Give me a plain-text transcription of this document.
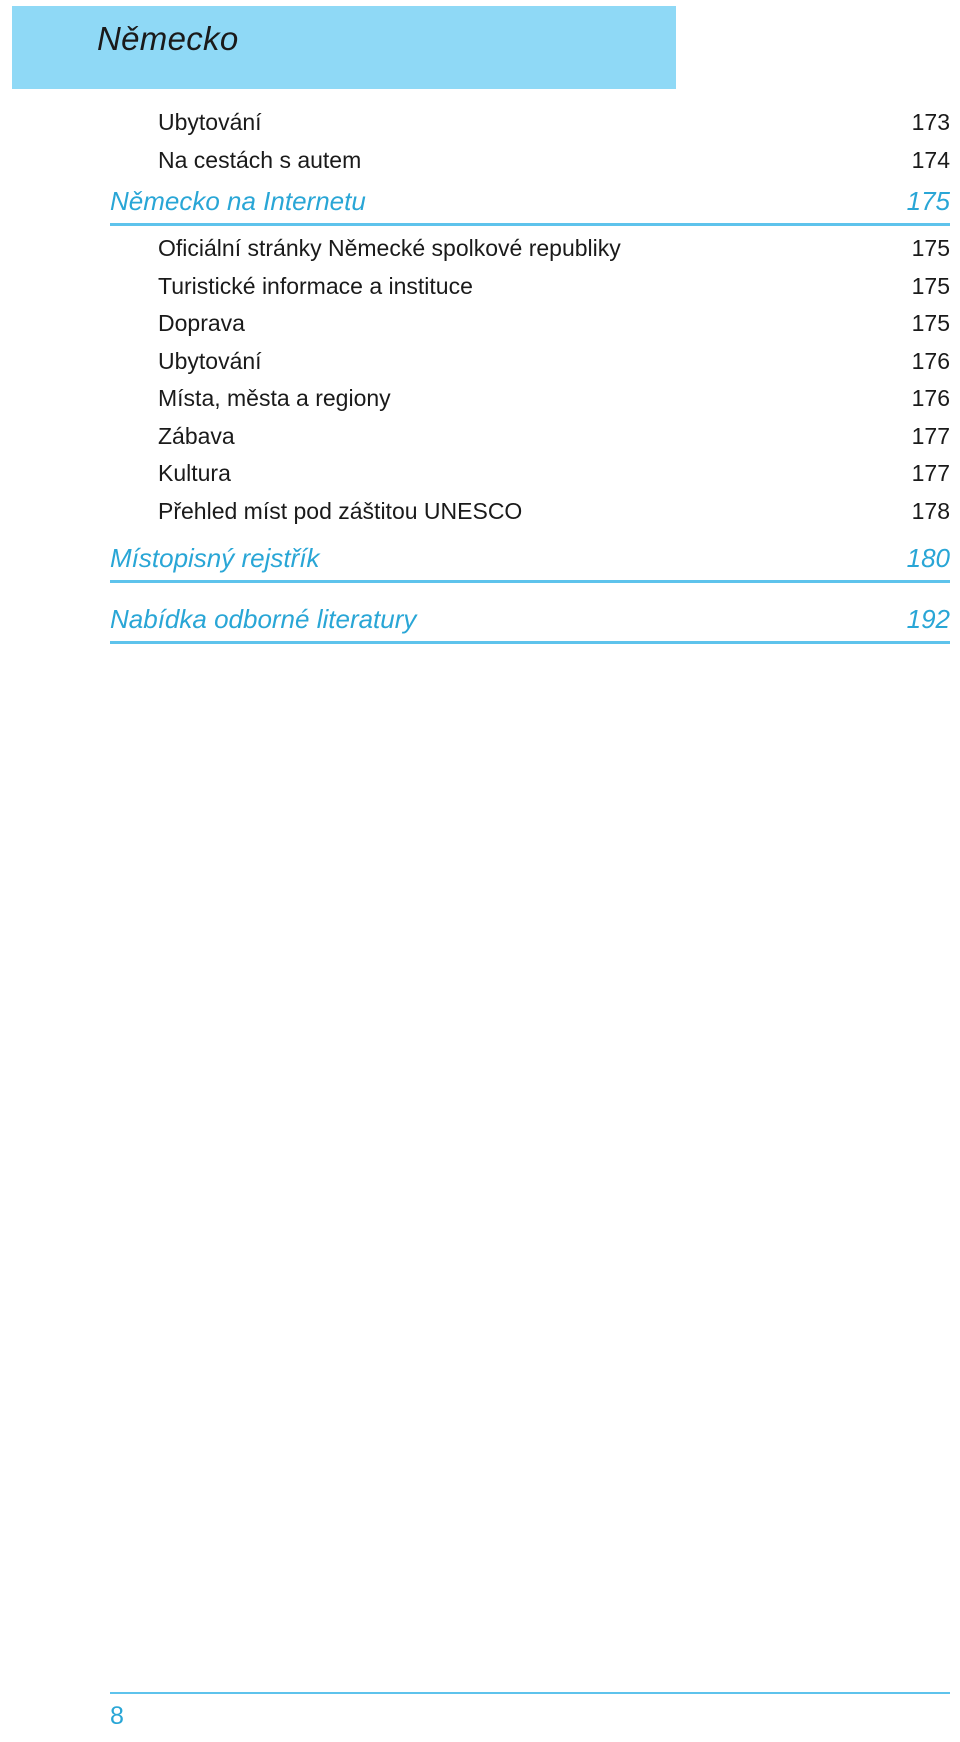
Německo
Ubytování	173
Na cestách s autem	174
Německo na Internetu	175
Oficiální stránky Německé spolkové republiky	175
Turistické informace a instituce	175
Doprava	175
Ubytování	176
Místa, města a regiony	176
Zábava	177
Kultura	177
Přehled míst pod záštitou UNESCO	178
Místopisný rejstřík	180
Nabídka odborné literatury	192
8
